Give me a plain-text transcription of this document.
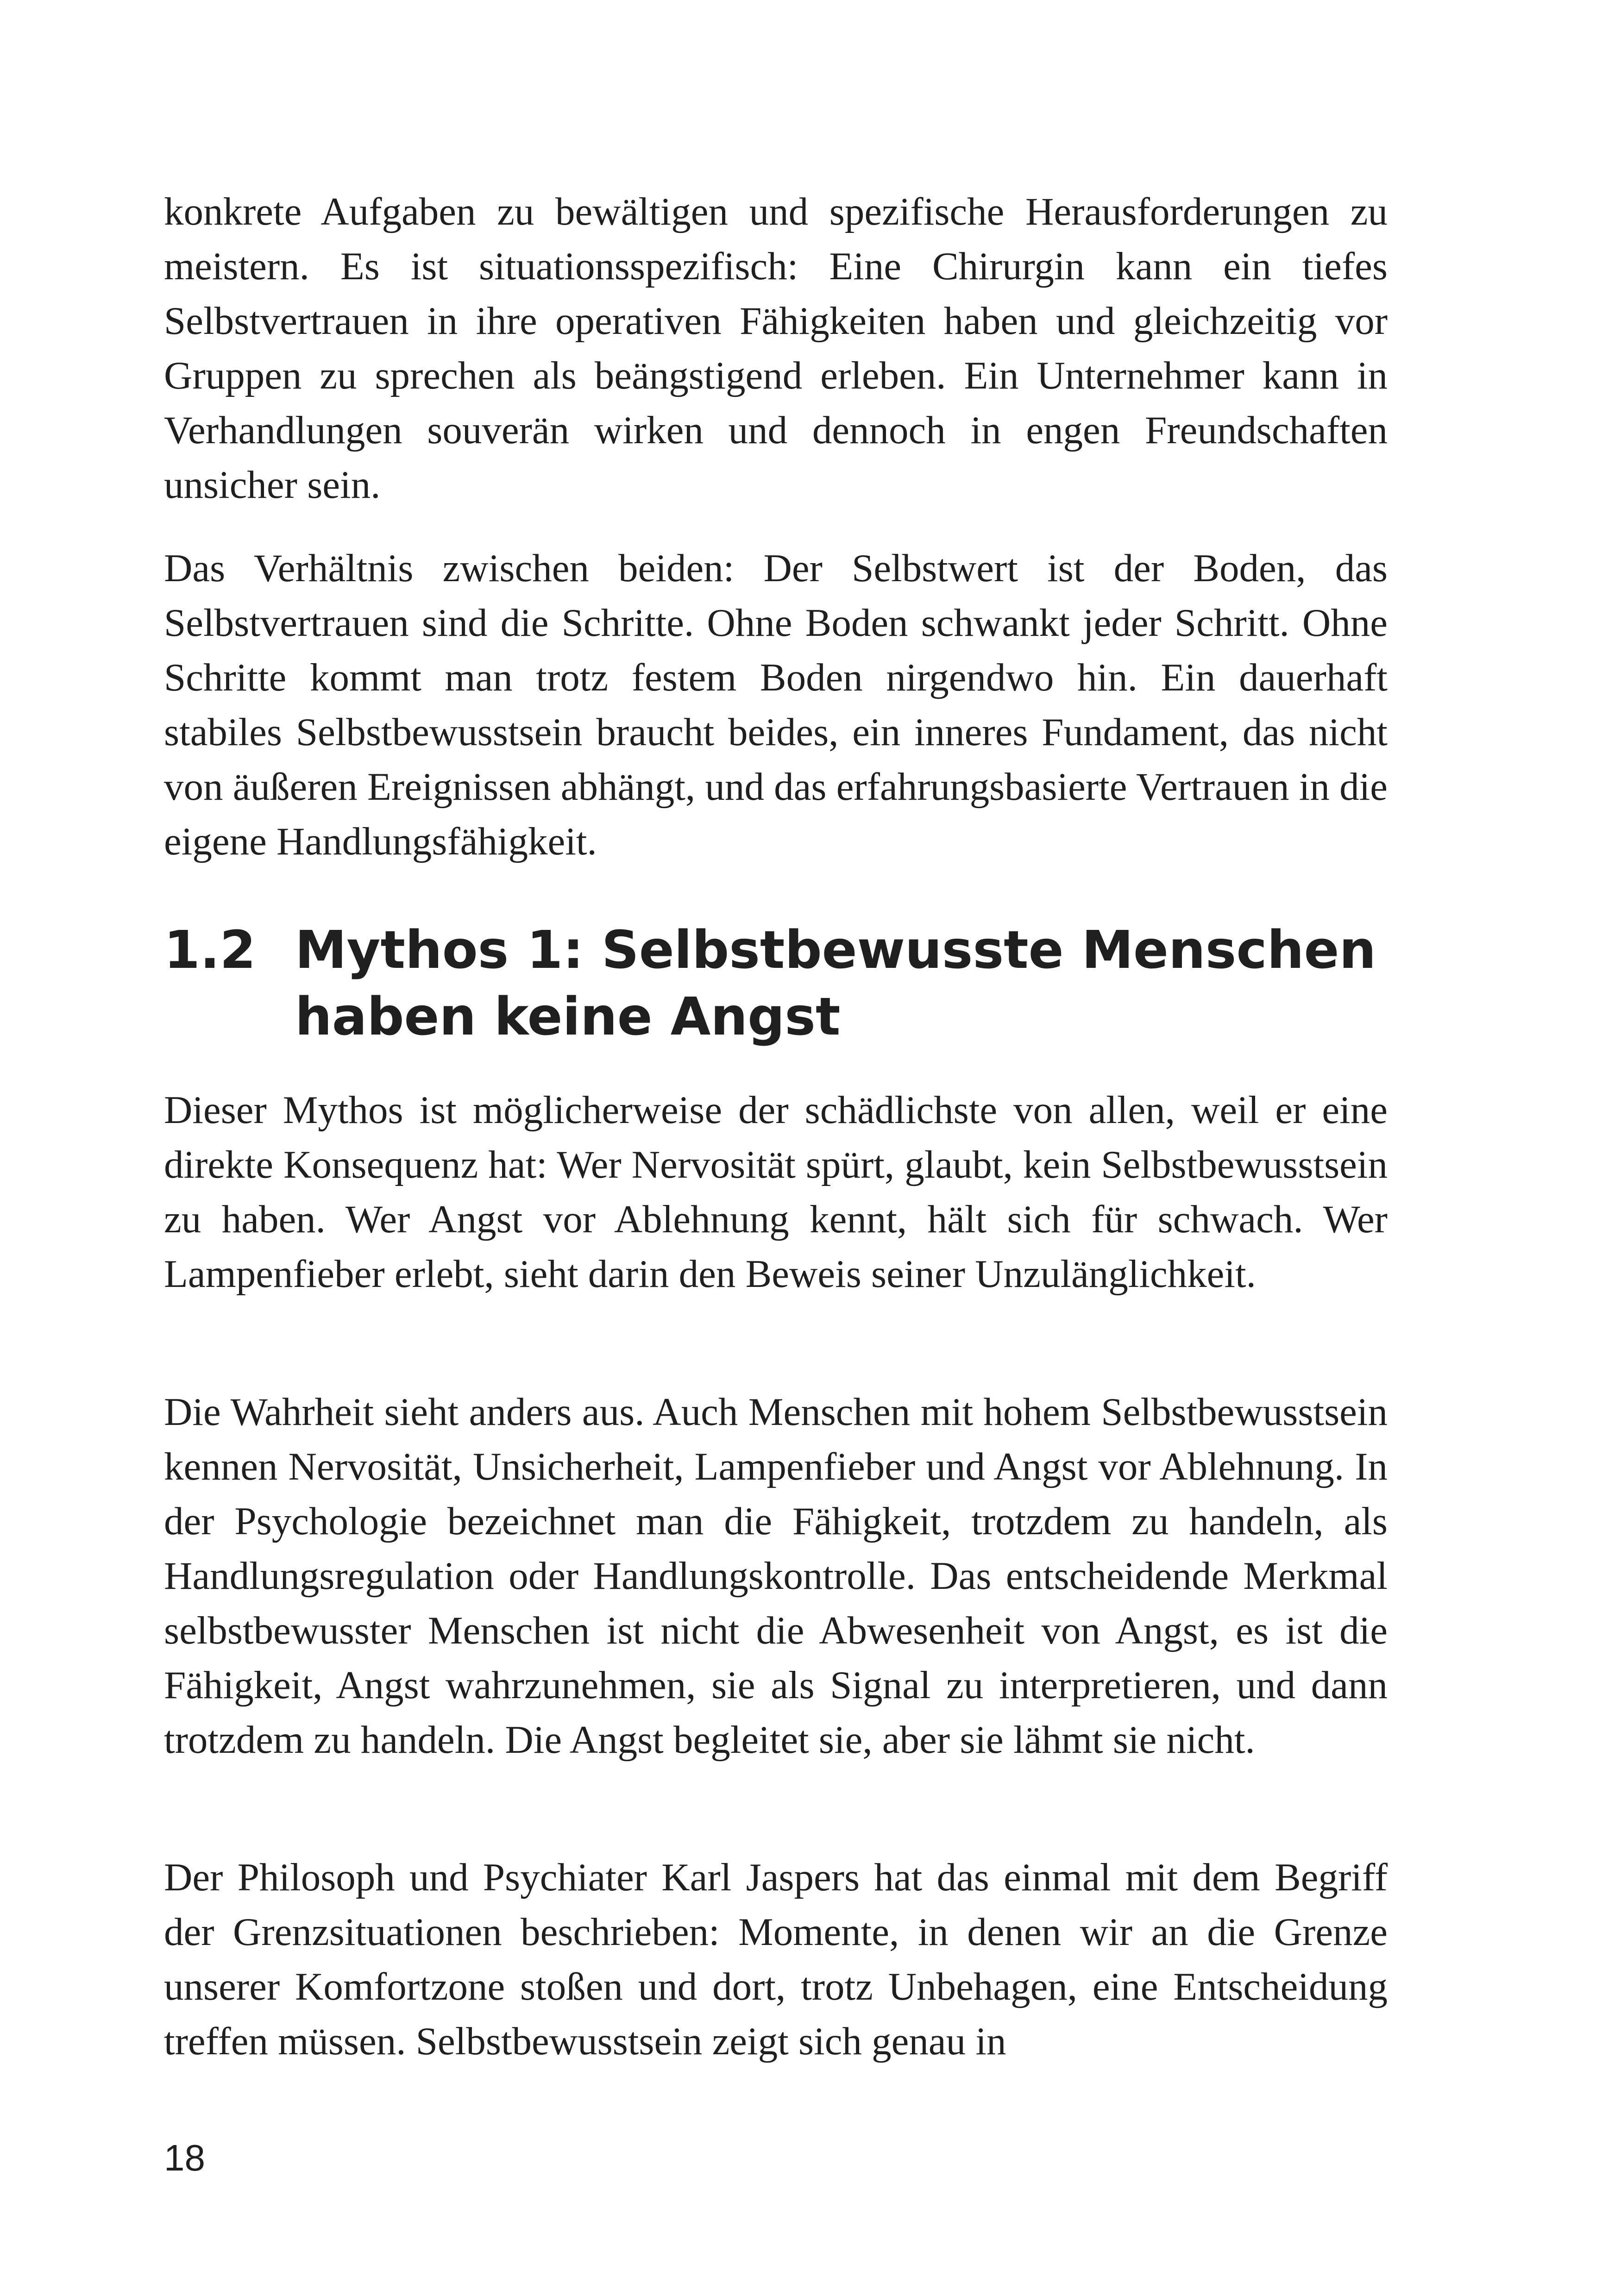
konkrete Aufgaben zu bewältigen und spezifische Herausforderungen zu meistern. Es ist situationsspezifisch: Eine Chirurgin kann ein tiefes Selbstvertrauen in ihre operativen Fähigkeiten haben und gleichzeitig vor Gruppen zu sprechen als beängstigend erleben. Ein Unternehmer kann in Verhandlungen souverän wirken und dennoch in engen Freundschaften unsicher sein.

Das Verhältnis zwischen beiden: Der Selbstwert ist der Boden, das Selbstvertrauen sind die Schritte. Ohne Boden schwankt jeder Schritt. Ohne Schritte kommt man trotz festem Boden nirgendwo hin. Ein dauerhaft stabiles Selbstbewusstsein braucht beides, ein inneres Fundament, das nicht von äußeren Ereignissen abhängt, und das erfahrungsbasierte Vertrauen in die eigene Handlungsfähigkeit.

1.2 Mythos 1: Selbstbewusste Menschen
haben keine Angst

Dieser Mythos ist möglicherweise der schädlichste von allen, weil er eine direkte Konsequenz hat: Wer Nervosität spürt, glaubt, kein Selbstbewusstsein zu haben. Wer Angst vor Ablehnung kennt, hält sich für schwach. Wer Lampenfieber erlebt, sieht darin den Beweis seiner Unzulänglichkeit.

Die Wahrheit sieht anders aus. Auch Menschen mit hohem Selbstbewusstsein kennen Nervosität, Unsicherheit, Lampenfieber und Angst vor Ablehnung. In der Psychologie bezeichnet man die Fähigkeit, trotzdem zu handeln, als Handlungsregulation oder Handlungskontrolle. Das entscheidende Merkmal selbstbewusster Menschen ist nicht die Abwesenheit von Angst, es ist die Fähigkeit, Angst wahrzunehmen, sie als Signal zu interpretieren, und dann trotzdem zu handeln. Die Angst begleitet sie, aber sie lähmt sie nicht.

Der Philosoph und Psychiater Karl Jaspers hat das einmal mit dem Begriff der Grenzsituationen beschrieben: Momente, in denen wir an die Grenze unserer Komfortzone stoßen und dort, trotz Unbehagen, eine Entscheidung treffen müssen. Selbstbewusstsein zeigt sich genau in

18
